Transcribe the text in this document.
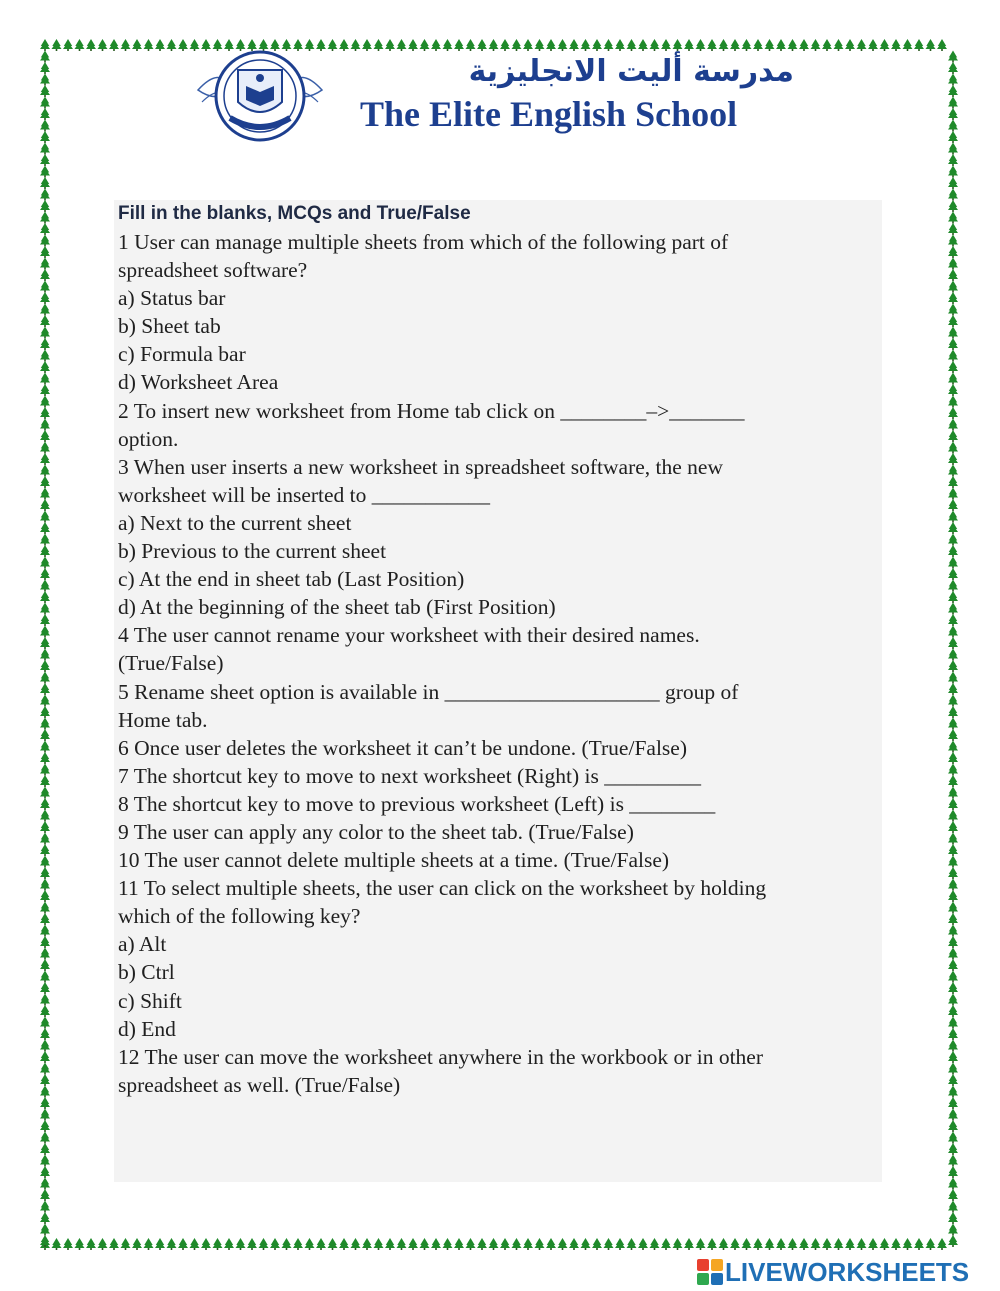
مدرسة أليت الانجليزية
The Elite English School
Fill in the blanks, MCQs and True/False
1 User can manage multiple sheets from which of the following part of
spreadsheet software?
a) Status bar
b) Sheet tab
c) Formula bar
d) Worksheet Area
2 To insert new worksheet from Home tab click on ________–>_______
option.
3 When user inserts a new worksheet in spreadsheet software, the new
worksheet will be inserted to ___________
a) Next to the current sheet
b) Previous to the current sheet
c) At the end in sheet tab (Last Position)
d) At the beginning of the sheet tab (First Position)
4 The user cannot rename your worksheet with their desired names.
(True/False)
5 Rename sheet option is available in ____________________ group of
Home tab.
6 Once user deletes the worksheet it can’t be undone. (True/False)
7 The shortcut key to move to next worksheet (Right) is _________
8 The shortcut key to move to previous worksheet (Left) is ________
9 The user can apply any color to the sheet tab. (True/False)
10 The user cannot delete multiple sheets at a time. (True/False)
11 To select multiple sheets, the user can click on the worksheet by holding
which of the following key?
a) Alt
b) Ctrl
c) Shift
d) End
12 The user can move the worksheet anywhere in the workbook or in other
spreadsheet as well. (True/False)
LIVEWORKSHEETS
